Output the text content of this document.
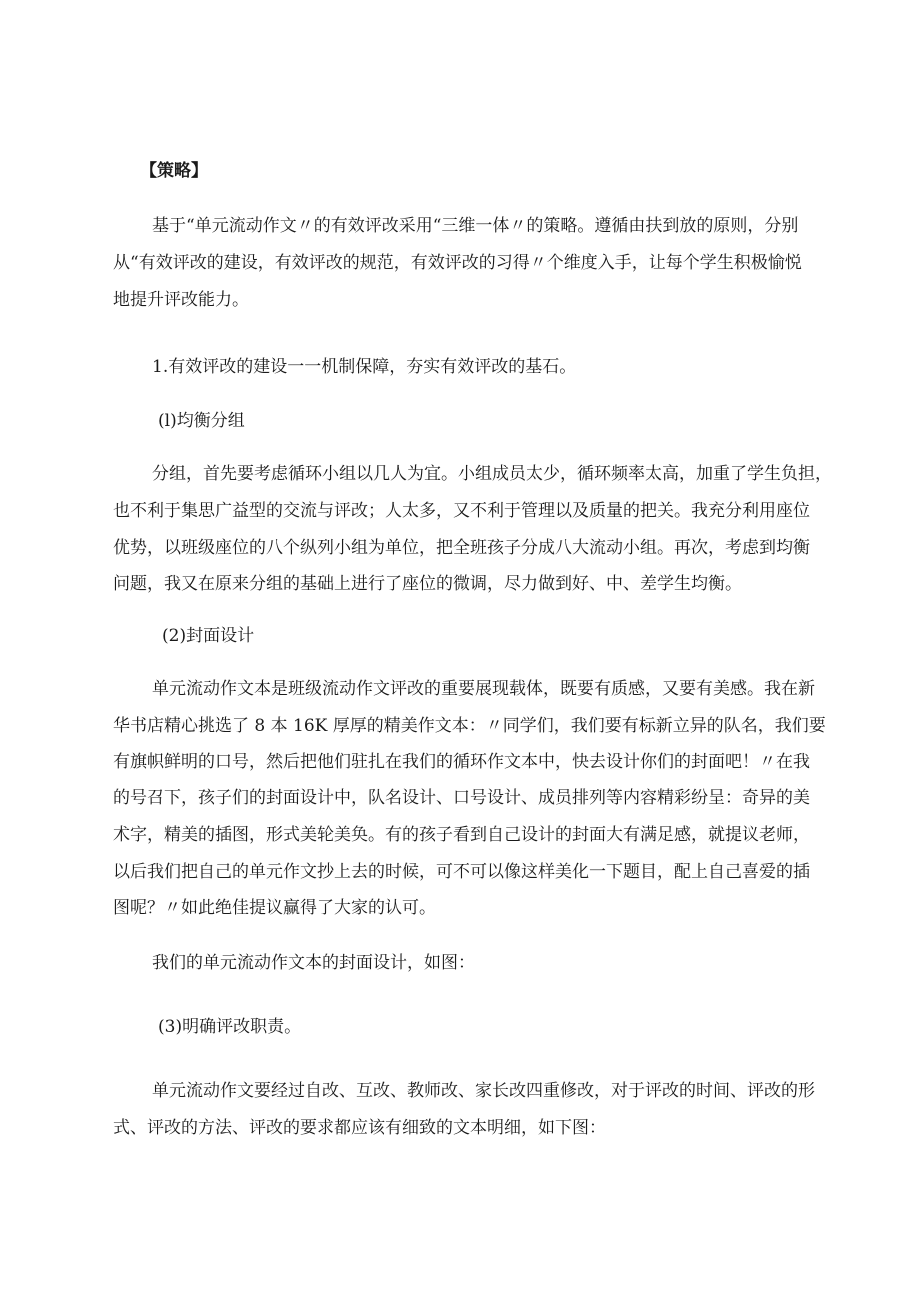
【策略】
基于“单元流动作文〃的有效评改采用“三维一体〃的策略。遵循由扶到放的原则，分别
从“有效评改的建设，有效评改的规范，有效评改的习得〃个维度入手，让每个学生积极愉悦
地提升评改能力。
1.有效评改的建设一一机制保障，夯实有效评改的基石。
(l)均衡分组
分组，首先要考虑循环小组以几人为宜。小组成员太少，循环频率太高，加重了学生负担，
也不利于集思广益型的交流与评改；人太多，又不利于管理以及质量的把关。我充分利用座位
优势，以班级座位的八个纵列小组为单位，把全班孩子分成八大流动小组。再次，考虑到均衡
问题，我又在原来分组的基础上进行了座位的微调，尽力做到好、中、差学生均衡。
(2)封面设计
单元流动作文本是班级流动作文评改的重要展现载体，既要有质感，又要有美感。我在新
华书店精心挑选了 8 本 16K 厚厚的精美作文本：〃同学们，我们要有标新立异的队名，我们要
有旗帜鲜明的口号，然后把他们驻扎在我们的循环作文本中，快去设计你们的封面吧！〃在我
的号召下，孩子们的封面设计中，队名设计、口号设计、成员排列等内容精彩纷呈：奇异的美
术字，精美的插图，形式美轮美奂。有的孩子看到自己设计的封面大有满足感，就提议老师，
以后我们把自己的单元作文抄上去的时候，可不可以像这样美化一下题目，配上自己喜爱的插
图呢？〃如此绝佳提议赢得了大家的认可。
我们的单元流动作文本的封面设计，如图：
(3)明确评改职责。
单元流动作文要经过自改、互改、教师改、家长改四重修改，对于评改的时间、评改的形
式、评改的方法、评改的要求都应该有细致的文本明细，如下图：
